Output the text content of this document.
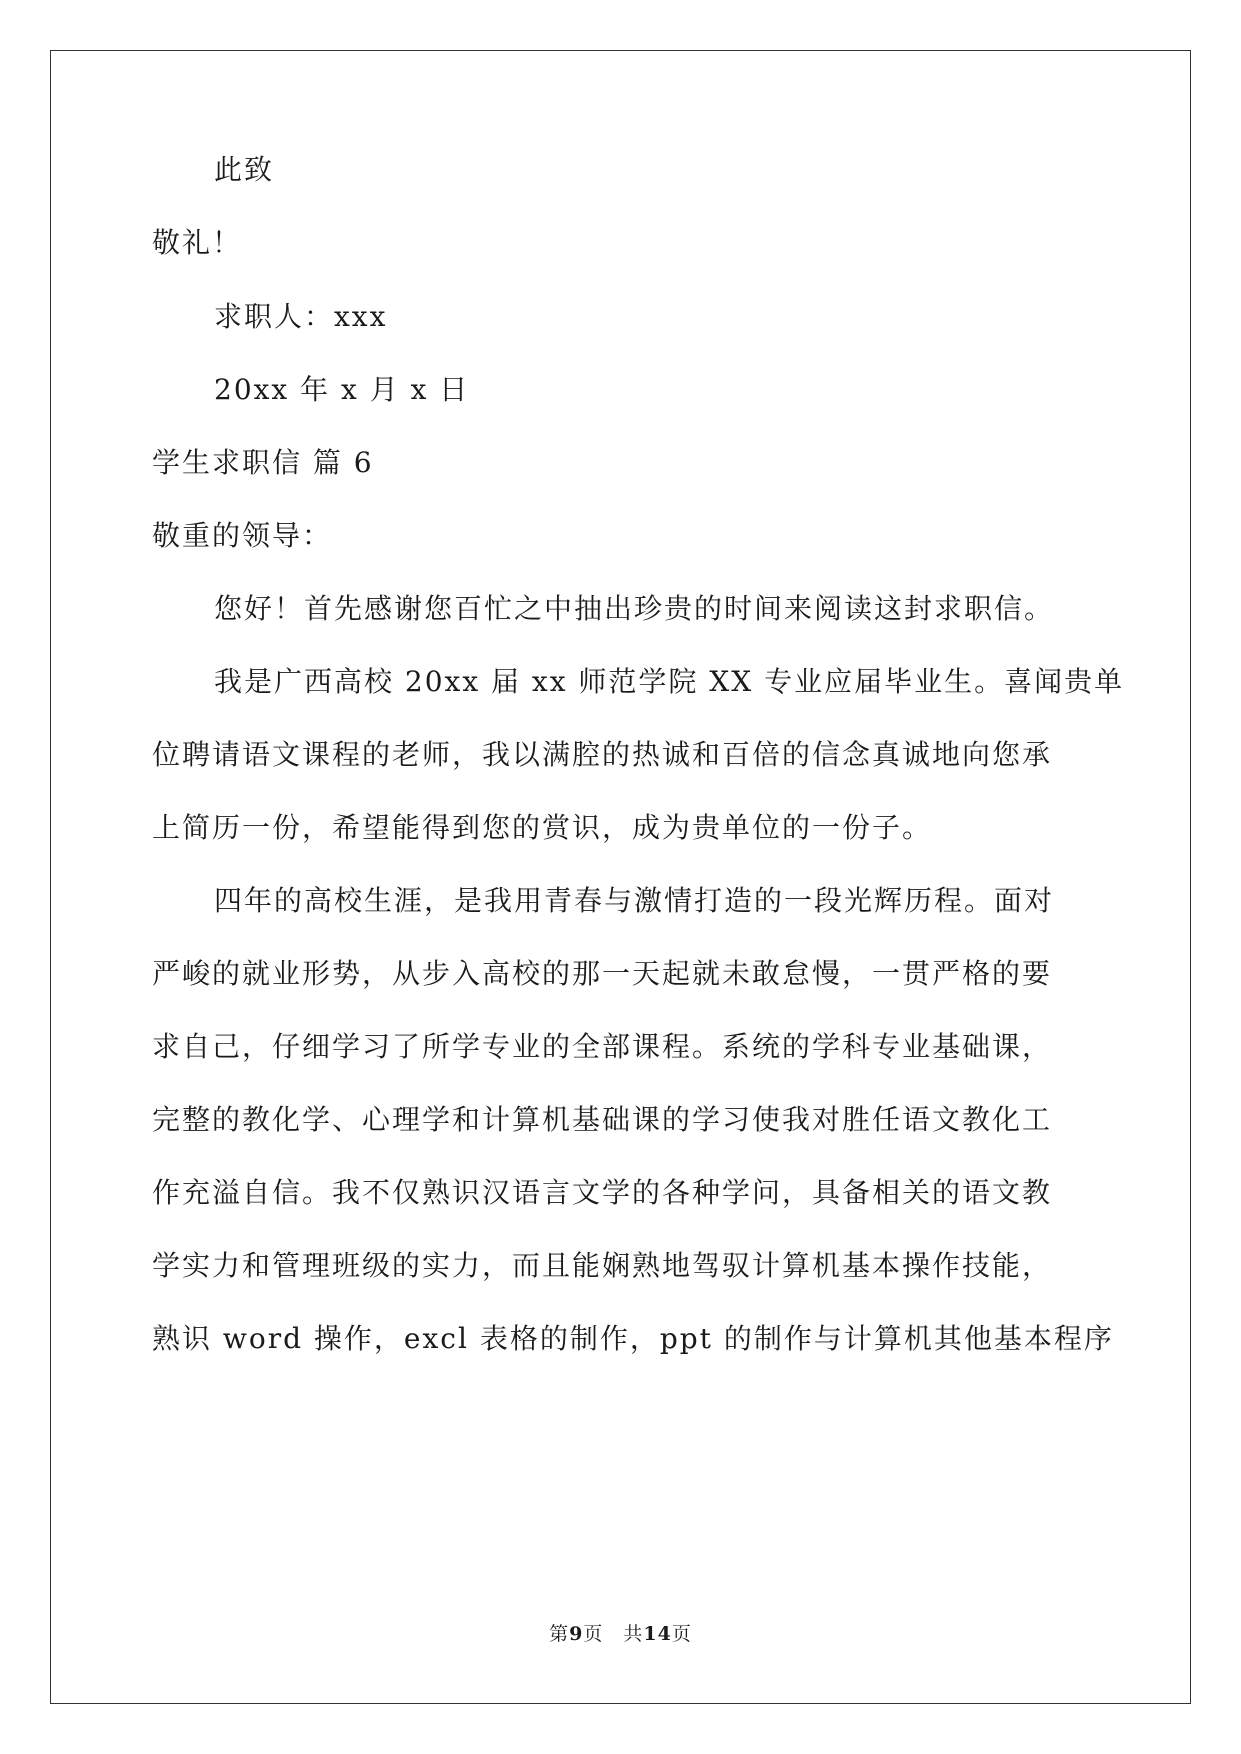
此致
敬礼！
求职人：xxx
20xx 年 x 月 x 日
学生求职信 篇 6
敬重的领导：
您好！首先感谢您百忙之中抽出珍贵的时间来阅读这封求职信。
我是广西高校 20xx 届 xx 师范学院 XX 专业应届毕业生。喜闻贵单
位聘请语文课程的老师，我以满腔的热诚和百倍的信念真诚地向您承
上简历一份，希望能得到您的赏识，成为贵单位的一份子。
四年的高校生涯，是我用青春与激情打造的一段光辉历程。面对
严峻的就业形势，从步入高校的那一天起就未敢怠慢，一贯严格的要
求自己，仔细学习了所学专业的全部课程。系统的学科专业基础课，
完整的教化学、心理学和计算机基础课的学习使我对胜任语文教化工
作充溢自信。我不仅熟识汉语言文学的各种学问，具备相关的语文教
学实力和管理班级的实力，而且能娴熟地驾驭计算机基本操作技能，
熟识 word 操作，excl 表格的制作，ppt 的制作与计算机其他基本程序
第9页　共14页
